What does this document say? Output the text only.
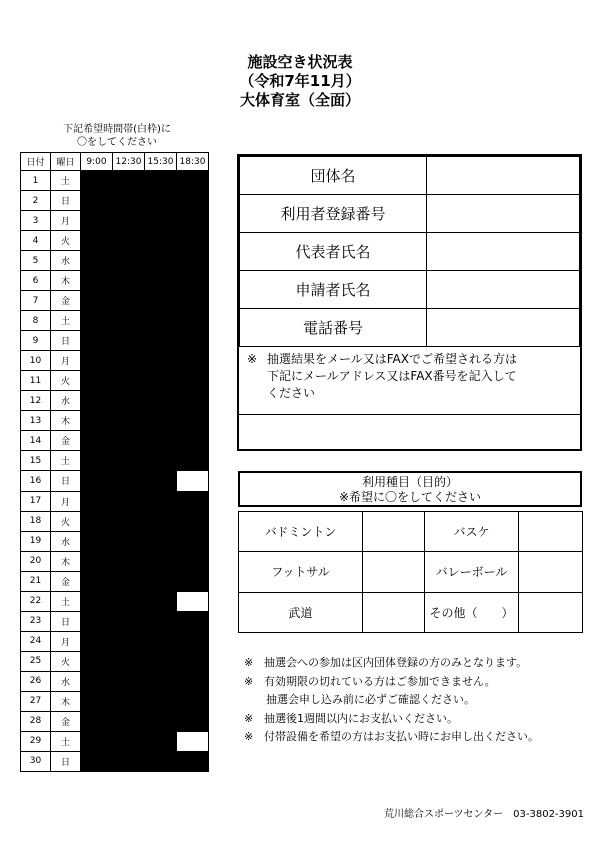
施設空き状況表
（令和7年11月）
大体育室（全面）
下記希望時間帯(白枠)に
〇をしてください
日付	曜日	9:00	12:30	15:30	18:30
1	土				
2	日				
3	月				
4	火				
5	水				
6	木				
7	金				
8	土				
9	日				
10	月				
11	火				
12	水				
13	木				
14	金				
15	土				
16	日				
17	月				
18	火				
19	水				
20	木				
21	金				
22	土				
23	日				
24	月				
25	火				
26	水				
27	木				
28	金				
29	土				
30	日				
団体名	
利用者登録番号	
代表者氏名	
申請者氏名	
電話番号	
※ 抽選結果をメール又はFAXでご希望される方は
下記にメールアドレス又はFAX番号を記入して
ください
利用種目（目的）
※希望に〇をしてください
バドミントン		バスケ	
フットサル		バレーボール	
武道		その他（　　）	
※ 抽選会への参加は区内団体登録の方のみとなります。
※ 有効期限の切れている方はご参加できません。
抽選会申し込み前に必ずご確認ください。
※ 抽選後1週間以内にお支払いください。
※ 付帯設備を希望の方はお支払い時にお申し出ください。
荒川総合スポーツセンター　03-3802-3901
